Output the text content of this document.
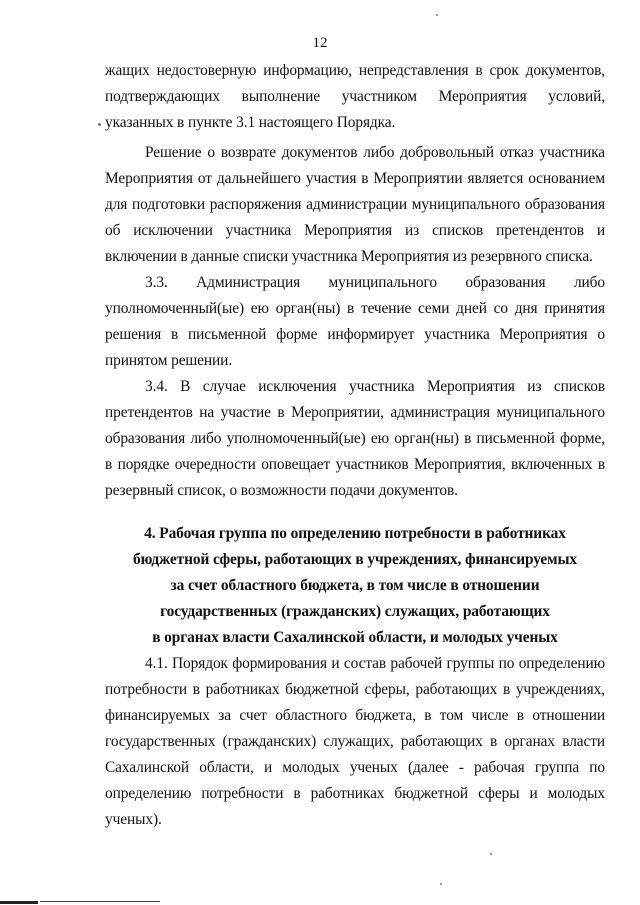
12

жащих недостоверную информацию, непредставления в срок документов, подтверждающих выполнение участником Мероприятия условий, указанных в пункте 3.1 настоящего Порядка.

Решение о возврате документов либо добровольный отказ участника Мероприятия от дальнейшего участия в Мероприятии является основанием для подготовки распоряжения администрации муниципального образования об исключении участника Мероприятия из списков претендентов и включении в данные списки участника Мероприятия из резервного списка.

3.3. Администрация муниципального образования либо уполномоченный(ые) ею орган(ны) в течение семи дней со дня принятия решения в письменной форме информирует участника Мероприятия о принятом решении.

3.4. В случае исключения участника Мероприятия из списков претендентов на участие в Мероприятии, администрация муниципального образования либо уполномоченный(ые) ею орган(ны) в письменной форме, в порядке очередности оповещает участников Мероприятия, включенных в резервный список, о возможности подачи документов.

4. Рабочая группа по определению потребности в работниках

бюджетной сферы, работающих в учреждениях, финансируемых

за счет областного бюджета, в том числе в отношении

государственных (гражданских) служащих, работающих

в органах власти Сахалинской области, и молодых ученых

4.1. Порядок формирования и состав рабочей группы по определению потребности в работниках бюджетной сферы, работающих в учреждениях, финансируемых за счет областного бюджета, в том числе в отношении государственных (гражданских) служащих, работающих в органах власти Сахалинской области, и молодых ученых (далее - рабочая группа по определению потребности в работниках бюджетной сферы и молодых ученых).
